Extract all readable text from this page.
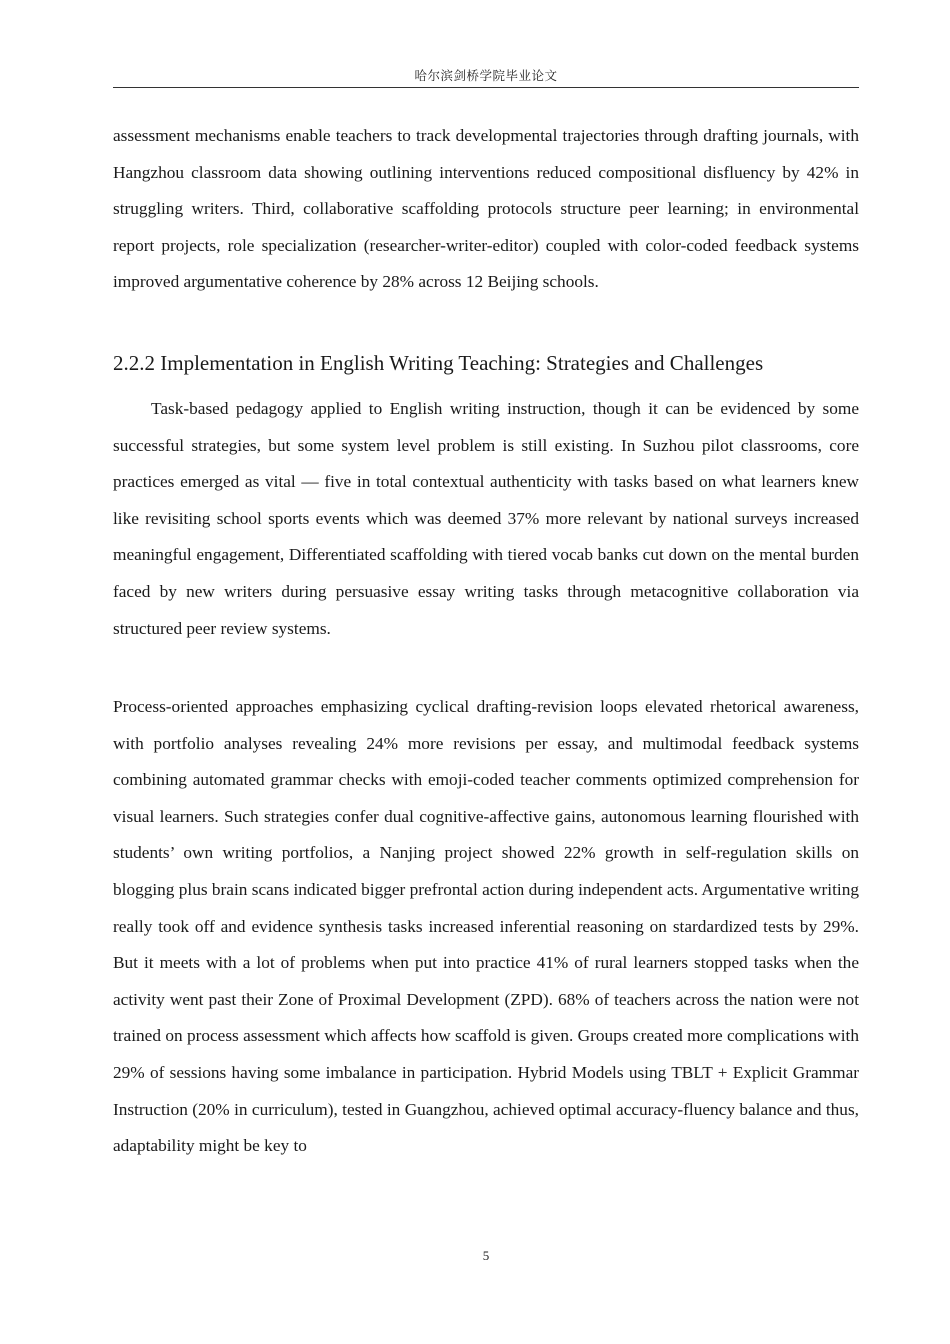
哈尔滨剑桥学院毕业论文

assessment mechanisms enable teachers to track developmental trajectories through drafting journals, with Hangzhou classroom data showing outlining interventions reduced compositional disfluency by 42% in struggling writers. Third, collaborative scaffolding protocols structure peer learning; in environmental report projects, role specialization (researcher-writer-editor) coupled with color-coded feedback systems improved argumentative coherence by 28% across 12 Beijing schools.

2.2.2 Implementation in English Writing Teaching: Strategies and Challenges

Task-based pedagogy applied to English writing instruction, though it can be evidenced by some successful strategies, but some system level problem is still existing. In Suzhou pilot classrooms, core practices emerged as vital — five in total contextual authenticity with tasks based on what learners knew like revisiting school sports events which was deemed 37% more relevant by national surveys increased meaningful engagement, Differentiated scaffolding with tiered vocab banks cut down on the mental burden faced by new writers during persuasive essay writing tasks through metacognitive collaboration via structured peer review systems.

Process-oriented approaches emphasizing cyclical drafting-revision loops elevated rhetorical awareness, with portfolio analyses revealing 24% more revisions per essay, and multimodal feedback systems combining automated grammar checks with emoji-coded teacher comments optimized comprehension for visual learners. Such strategies confer dual cognitive-affective gains, autonomous learning flourished with students’ own writing portfolios, a Nanjing project showed 22% growth in self-regulation skills on blogging plus brain scans indicated bigger prefrontal action during independent acts. Argumentative writing really took off and evidence synthesis tasks increased inferential reasoning on stardardized tests by 29%. But it meets with a lot of problems when put into practice 41% of rural learners stopped tasks when the activity went past their Zone of Proximal Development (ZPD). 68% of teachers across the nation were not trained on process assessment which affects how scaffold is given. Groups created more complications with 29% of sessions having some imbalance in participation. Hybrid Models using TBLT + Explicit Grammar Instruction (20% in curriculum), tested in Guangzhou, achieved optimal accuracy-fluency balance and thus, adaptability might be key to

5
